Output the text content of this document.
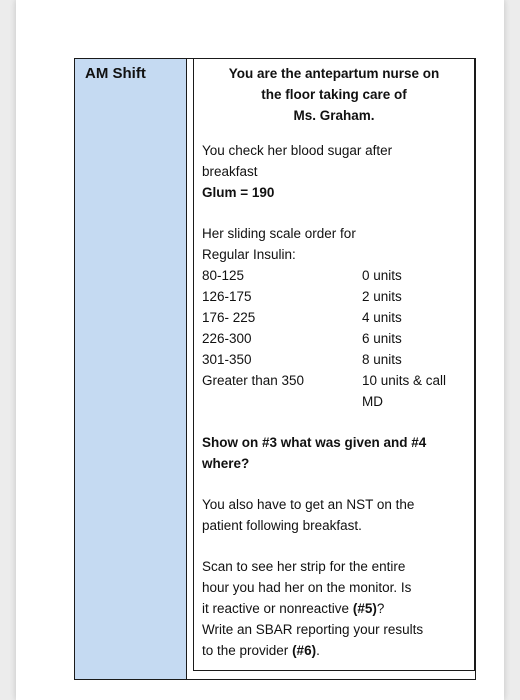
AM Shift	You are the antepartum nurse on
the floor taking care of
Ms. Graham.

You check her blood sugar after

breakfast

Glum = 190

Her sliding scale order for

Regular Insulin:

80-125	0 units
126-175	2 units
176- 225	4 units
226-300	6 units
301-350	8 units
Greater than 350	10 units & call
MD

Show on #3 what was given and #4

where?

You also have to get an NST on the

patient following breakfast.

Scan to see her strip for the entire

hour you had her on the monitor. Is

it reactive or nonreactive (#5)?

Write an SBAR reporting your results

to the provider (#6).
